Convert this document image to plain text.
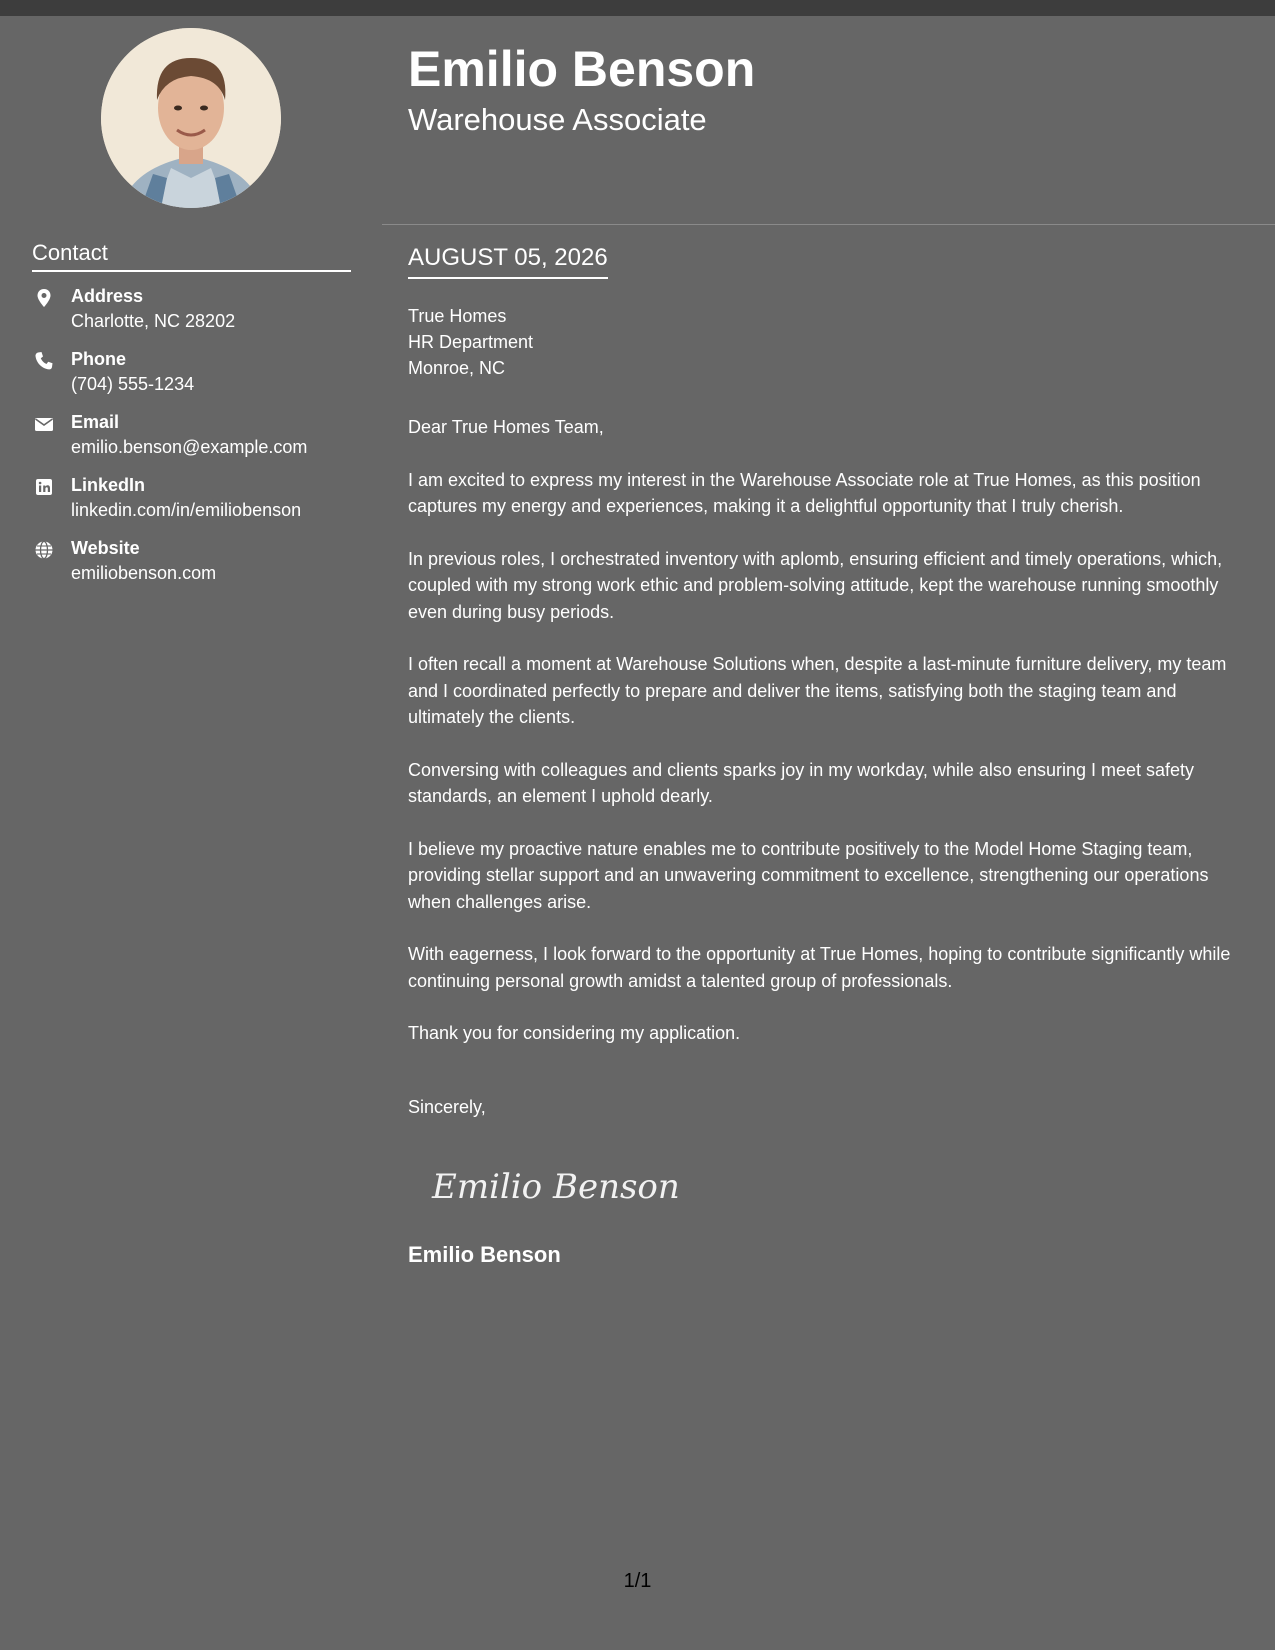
Contact
Address
Charlotte, NC 28202
Phone
(704) 555-1234
Email
emilio.benson@example.com
LinkedIn
linkedin.com/in/emiliobenson
Website
emiliobenson.com
Emilio Benson
Warehouse Associate
AUGUST 05, 2026
True Homes
HR Department
Monroe, NC

Dear True Homes Team,

I am excited to express my interest in the Warehouse Associate role at True Homes, as this position captures my energy and experiences, making it a delightful opportunity that I truly cherish.

In previous roles, I orchestrated inventory with aplomb, ensuring efficient and timely operations, which, coupled with my strong work ethic and problem-solving attitude, kept the warehouse running smoothly even during busy periods.

I often recall a moment at Warehouse Solutions when, despite a last-minute furniture delivery, my team and I coordinated perfectly to prepare and deliver the items, satisfying both the staging team and ultimately the clients.

Conversing with colleagues and clients sparks joy in my workday, while also ensuring I meet safety standards, an element I uphold dearly.

I believe my proactive nature enables me to contribute positively to the Model Home Staging team, providing stellar support and an unwavering commitment to excellence, strengthening our operations when challenges arise.

With eagerness, I look forward to the opportunity at True Homes, hoping to contribute significantly while continuing personal growth amidst a talented group of professionals.

Thank you for considering my application.

Sincerely,
Emilio Benson
Emilio Benson
1/1
